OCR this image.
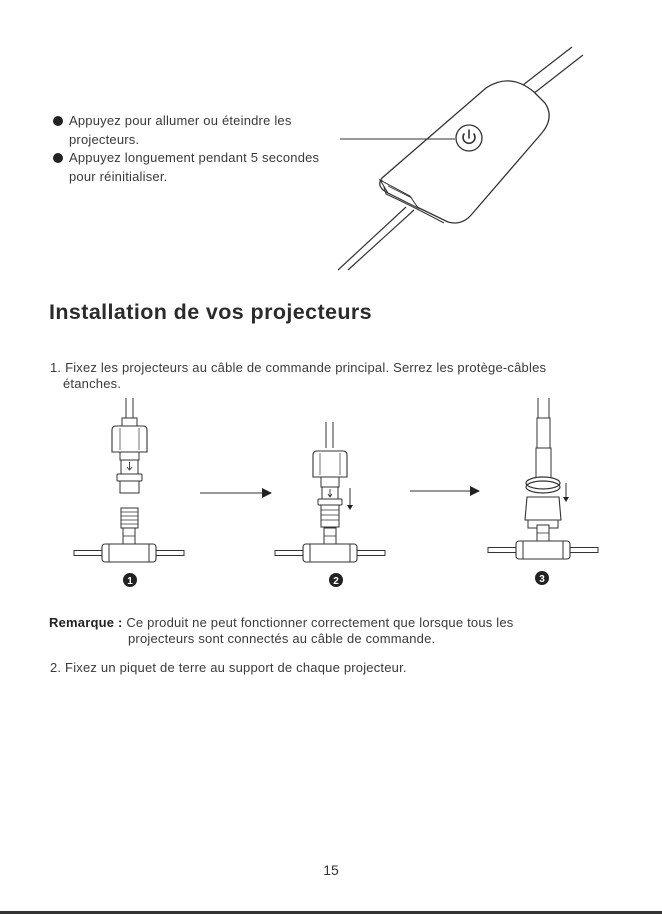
Appuyez pour allumer ou éteindre les
projecteurs.
Appuyez longuement pendant 5 secondes
pour réinitialiser.
Installation de vos projecteurs
1. Fixez les projecteurs au câble de commande principal. Serrez les protège-câbles
étanches.
1	2	3
Remarque : Ce produit ne peut fonctionner correctement que lorsque tous les
projecteurs sont connectés au câble de commande.
2. Fixez un piquet de terre au support de chaque projecteur.
15
